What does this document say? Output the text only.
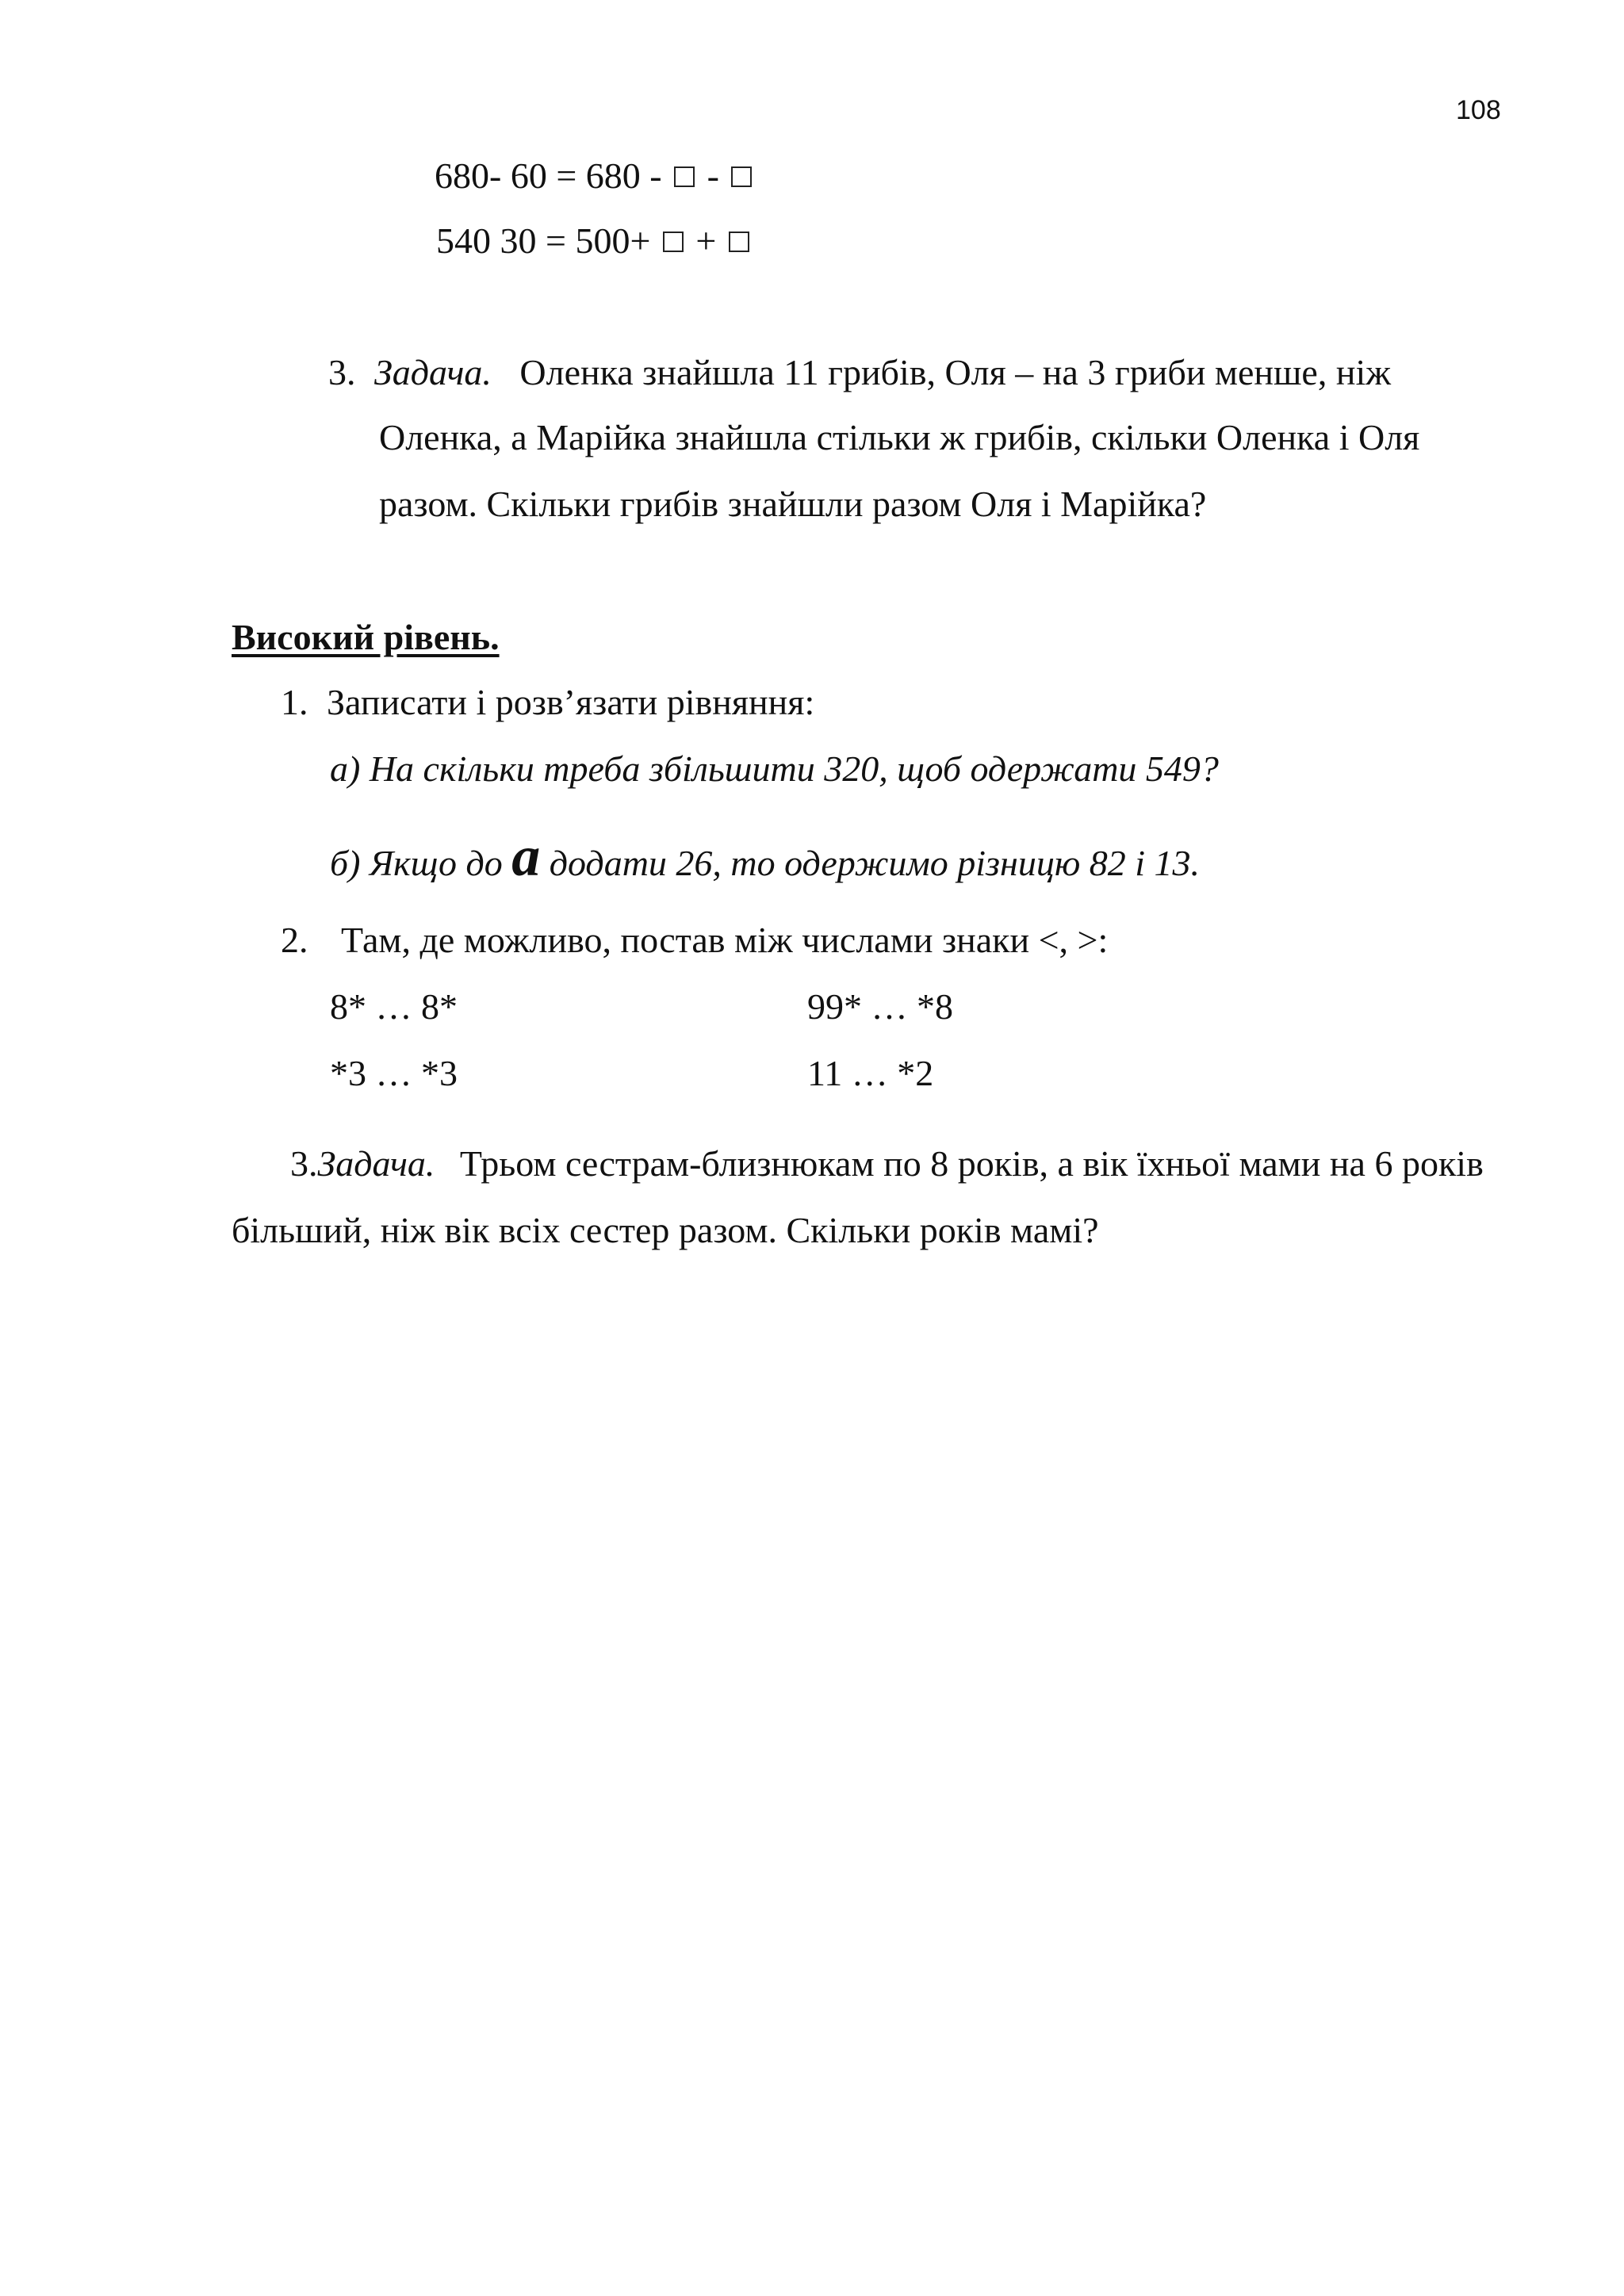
108
680- 60 = 680 -  -
540 30 = 500+  +
3. Задача. Оленка знайшла 11 грибів, Оля – на 3 гриби менше, ніж
Оленка, а Марійка знайшла стільки ж грибів, скільки Оленка і Оля
разом. Скільки грибів знайшли разом Оля і Марійка?
Високий рівень.
1. Записати і розв’язати рівняння:
а) На скільки треба збільшити 320, щоб одержати 549?
б) Якщо до а додати 26, то одержимо різницю 82 і 13.
2. Там, де можливо, постав між числами знаки <, >:
8* … 8*	99* … *8
*3 … *3	11 … *2
3.Задача. Трьом сестрам-близнюкам по 8 років, а вік їхньої мами на 6 років
більший, ніж вік всіх сестер разом. Скільки років мамі?
